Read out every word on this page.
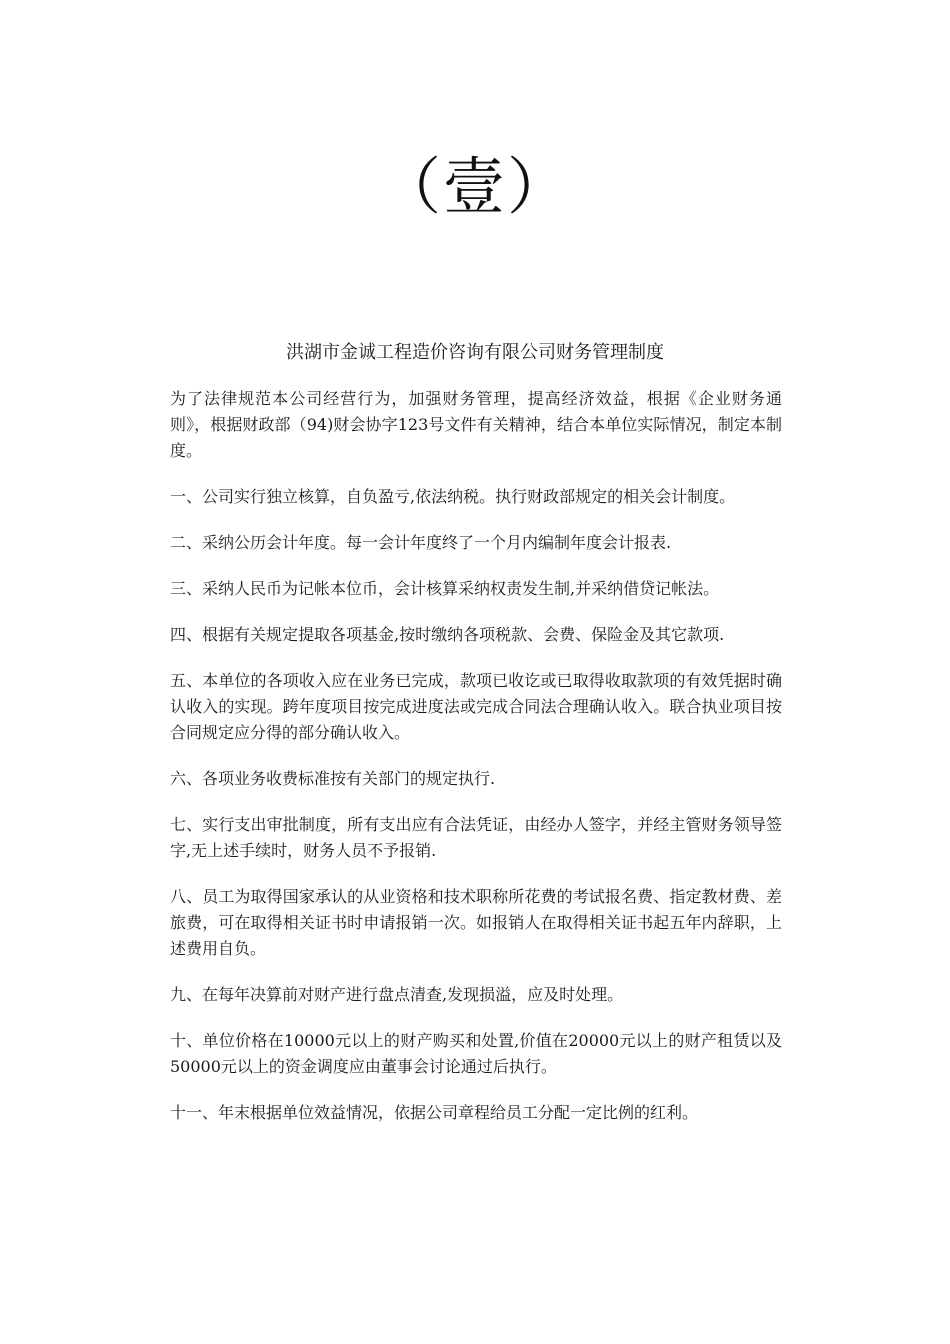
（壹）
洪湖市金诚工程造价咨询有限公司财务管理制度

为了法律规范本公司经营行为，加强财务管理，提高经济效益，根据《企业财务通则》，根据财政部（94)财会协字123号文件有关精神，结合本单位实际情况，制定本制度。

一、公司实行独立核算，自负盈亏,依法纳税。执行财政部规定的相关会计制度。

二、采纳公历会计年度。每一会计年度终了一个月内编制年度会计报表.

三、采纳人民币为记帐本位币，会计核算采纳权责发生制,并采纳借贷记帐法。

四、根据有关规定提取各项基金,按时缴纳各项税款、会费、保险金及其它款项.

五、本单位的各项收入应在业务已完成，款项已收讫或已取得收取款项的有效凭据时确认收入的实现。跨年度项目按完成进度法或完成合同法合理确认收入。联合执业项目按合同规定应分得的部分确认收入。

六、各项业务收费标准按有关部门的规定执行.

七、实行支出审批制度，所有支出应有合法凭证，由经办人签字，并经主管财务领导签字,无上述手续时，财务人员不予报销.

八、员工为取得国家承认的从业资格和技术职称所花费的考试报名费、指定教材费、差旅费，可在取得相关证书时申请报销一次。如报销人在取得相关证书起五年内辞职，上述费用自负。

九、在每年决算前对财产进行盘点清查,发现损溢，应及时处理。

十、单位价格在10000元以上的财产购买和处置,价值在20000元以上的财产租赁以及50000元以上的资金调度应由董事会讨论通过后执行。

十一、年末根据单位效益情况，依据公司章程给员工分配一定比例的红利。
